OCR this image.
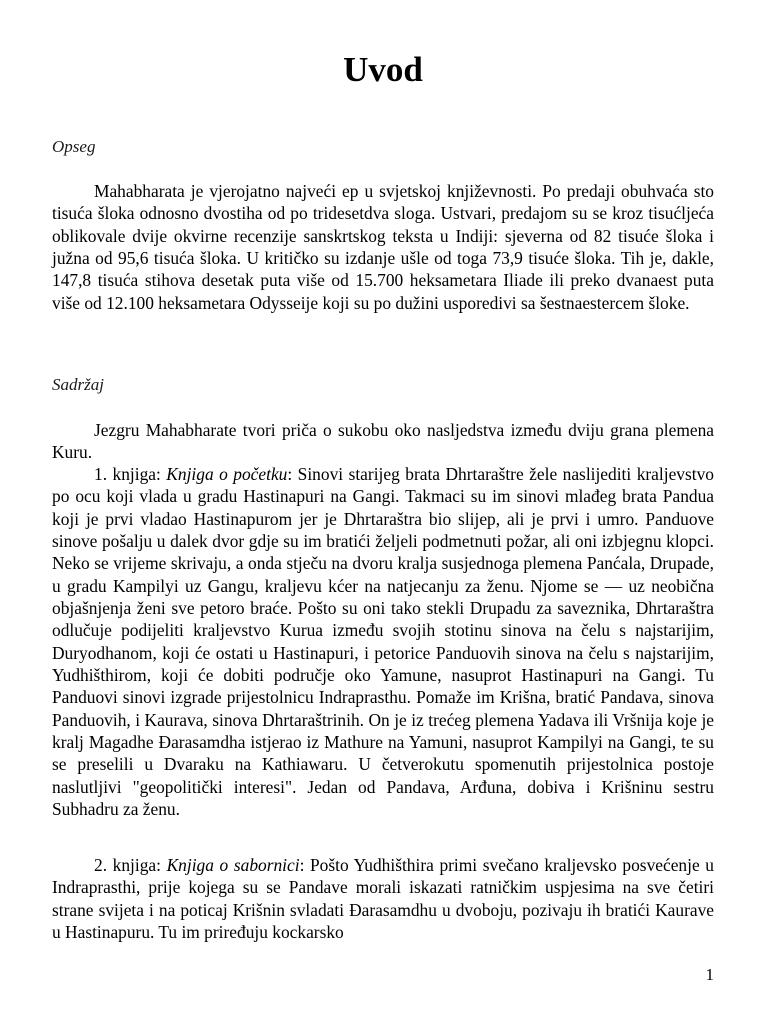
Uvod

Opseg

Mahabharata je vjerojatno najveći ep u svjetskoj književnosti. Po predaji obuhvaća sto tisuća šloka odnosno dvostiha od po tridesetdva sloga. Ustvari, predajom su se kroz tisućljeća oblikovale dvije okvirne recenzije sanskrtskog teksta u Indiji: sjeverna od 82 tisuće šloka i južna od 95,6 tisuća šloka. U kritičko su izdanje ušle od toga 73,9 tisuće šloka. Tih je, dakle, 147,8 tisuća stihova desetak puta više od 15.700 heksametara Iliade ili preko dvanaest puta više od 12.100 heksametara Odysseije koji su po dužini usporedivi sa šestnaestercem šloke.

Sadržaj

Jezgru Mahabharate tvori priča o sukobu oko nasljedstva između dviju grana plemena Kuru.

1. knjiga: Knjiga o početku: Sinovi starijeg brata Dhrtaraštre žele naslijediti kraljevstvo po ocu koji vlada u gradu Hastinapuri na Gangi. Takmaci su im sinovi mlađeg brata Pandua koji je prvi vladao Hastinapurom jer je Dhrtaraštra bio slijep, ali je prvi i umro. Panduove sinove pošalju u dalek dvor gdje su im bratići željeli podmetnuti požar, ali oni izbjegnu klopci. Neko se vrijeme skrivaju, a onda stječu na dvoru kralja susjednoga plemena Panćala, Drupade, u gradu Kampilyi uz Gangu, kraljevu kćer na natjecanju za ženu. Njome se — uz neobična objašnjenja ženi sve petoro braće. Pošto su oni tako stekli Drupadu za saveznika, Dhrtaraštra odlučuje podijeliti kraljevstvo Kurua između svojih stotinu sinova na čelu s najstarijim, Duryodhanom, koji će ostati u Hastinapuri, i petorice Panduovih sinova na čelu s najstarijim, Yudhišthirom, koji će dobiti područje oko Yamune, nasuprot Hastinapuri na Gangi. Tu Panduovi sinovi izgrade prijestolnicu Indraprasthu. Pomaže im Krišna, bratić Pandava, sinova Panduovih, i Kaurava, sinova Dhrtaraštrinih. On je iz trećeg plemena Yadava ili Vršnija koje je kralj Magadhe Đarasamdha istjerao iz Mathure na Yamuni, nasuprot Kampilyi na Gangi, te su se preselili u Dvaraku na Kathiawaru. U četverokutu spomenutih prijestolnica postoje naslutljivi "geopolitički interesi". Jedan od Pandava, Arđuna, dobiva i Krišninu sestru Subhadru za ženu.

2. knjiga: Knjiga o sabornici: Pošto Yudhišthira primi svečano kraljevsko posvećenje u Indraprasthi, prije kojega su se Pandave morali iskazati ratničkim uspjesima na sve četiri strane svijeta i na poticaj Krišnin svladati Đarasamdhu u dvoboju, pozivaju ih bratići Kaurave u Hastinapuru. Tu im priređuju kockarsko

1
